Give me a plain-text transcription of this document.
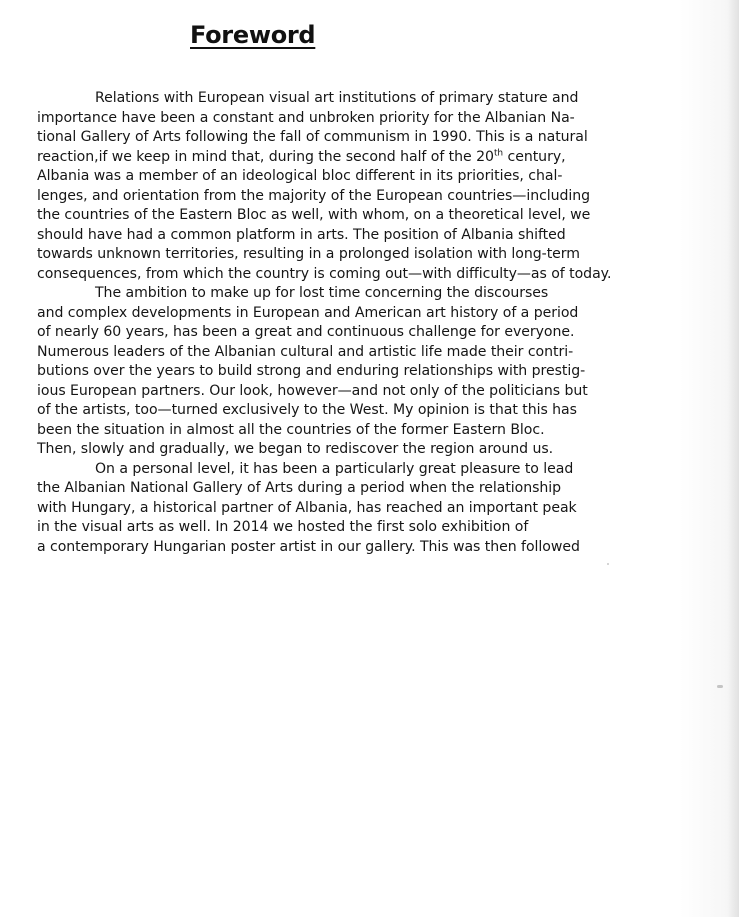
Foreword
Relations with European visual art institutions of primary stature and
importance have been a constant and unbroken priority for the Albanian Na-
tional Gallery of Arts following the fall of communism in 1990. This is a natural
reaction,if we keep in mind that, during the second half of the 20th century,
Albania was a member of an ideological bloc different in its priorities, chal-
lenges, and orientation from the majority of the European countries—including
the countries of the Eastern Bloc as well, with whom, on a theoretical level, we
should have had a common platform in arts. The position of Albania shifted
towards unknown territories, resulting in a prolonged isolation with long-term
consequences, from which the country is coming out—with difficulty—as of today.
The ambition to make up for lost time concerning the discourses
and complex developments in European and American art history of a period
of nearly 60 years, has been a great and continuous challenge for everyone.
Numerous leaders of the Albanian cultural and artistic life made their contri-
butions over the years to build strong and enduring relationships with prestig-
ious European partners. Our look, however—and not only of the politicians but
of the artists, too—turned exclusively to the West. My opinion is that this has
been the situation in almost all the countries of the former Eastern Bloc.
Then, slowly and gradually, we began to rediscover the region around us.
On a personal level, it has been a particularly great pleasure to lead
the Albanian National Gallery of Arts during a period when the relationship
with Hungary, a historical partner of Albania, has reached an important peak
in the visual arts as well. In 2014 we hosted the first solo exhibition of
a contemporary Hungarian poster artist in our gallery. This was then followed
